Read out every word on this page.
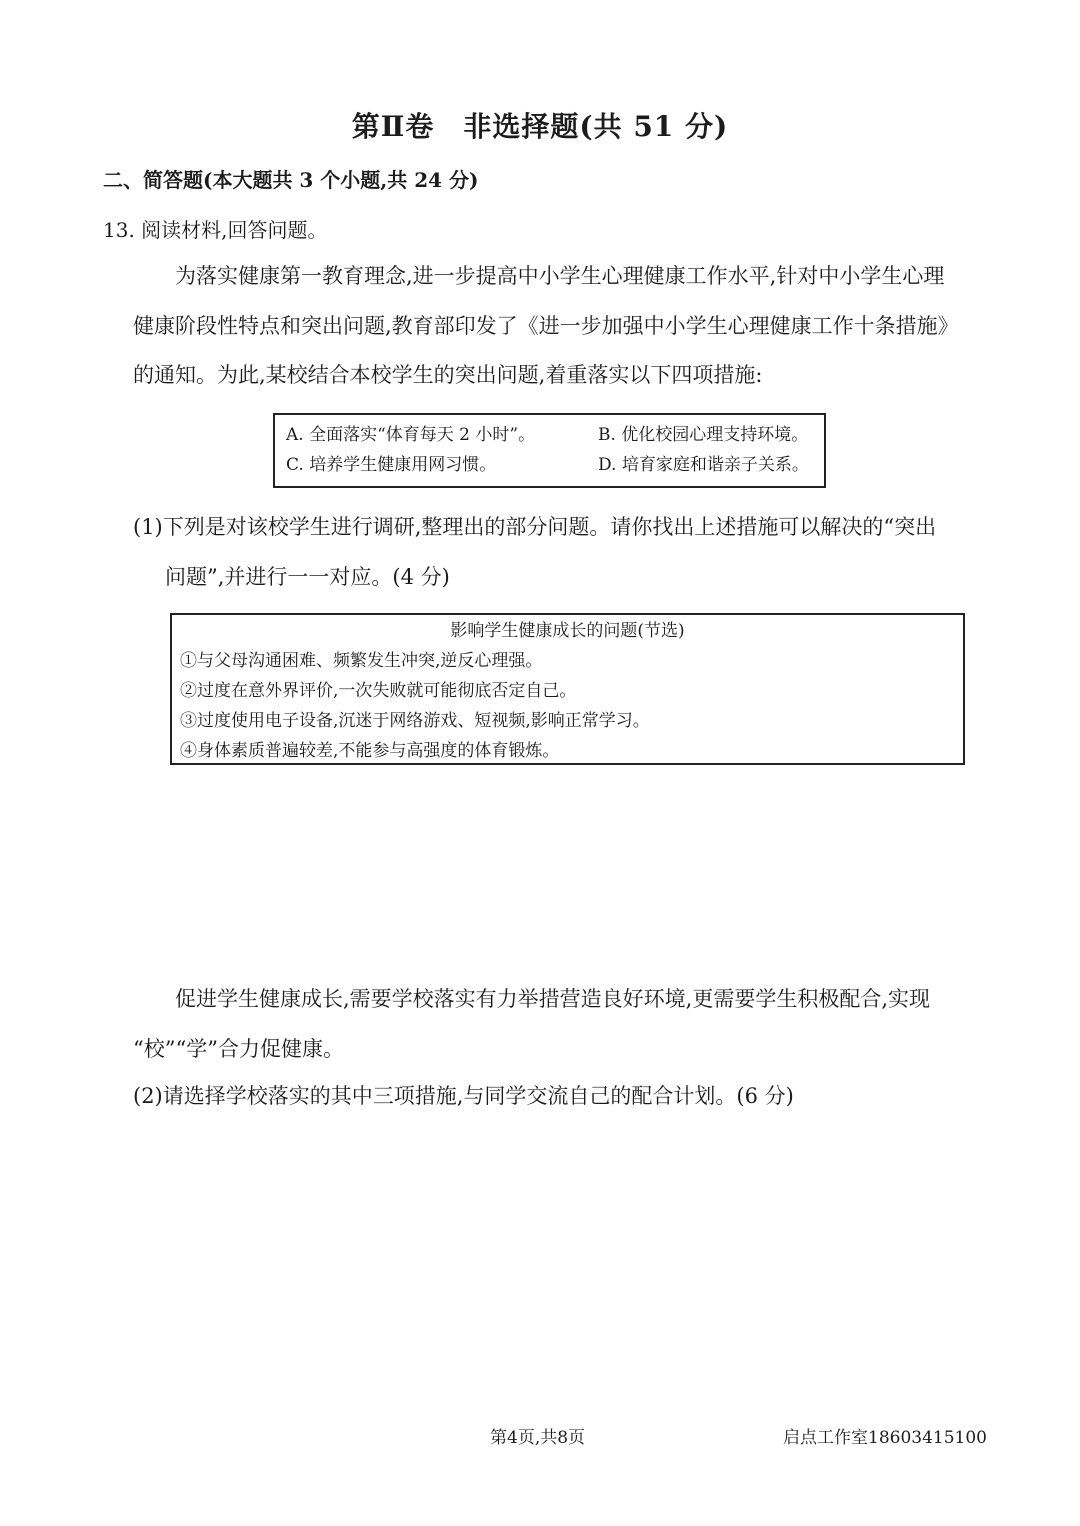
第Ⅱ卷　非选择题(共 51 分)
二、简答题(本大题共 3 个小题,共 24 分)
13. 阅读材料,回答问题。
为落实健康第一教育理念,进一步提高中小学生心理健康工作水平,针对中小学生心理
健康阶段性特点和突出问题,教育部印发了《进一步加强中小学生心理健康工作十条措施》
的通知。为此,某校结合本校学生的突出问题,着重落实以下四项措施:
A. 全面落实“体育每天 2 小时”。	B. 优化校园心理支持环境。
C. 培养学生健康用网习惯。	D. 培育家庭和谐亲子关系。
(1)下列是对该校学生进行调研,整理出的部分问题。请你找出上述措施可以解决的“突出
问题”,并进行一一对应。(4 分)
影响学生健康成长的问题(节选)
①与父母沟通困难、频繁发生冲突,逆反心理强。
②过度在意外界评价,一次失败就可能彻底否定自己。
③过度使用电子设备,沉迷于网络游戏、短视频,影响正常学习。
④身体素质普遍较差,不能参与高强度的体育锻炼。
促进学生健康成长,需要学校落实有力举措营造良好环境,更需要学生积极配合,实现
“校”“学”合力促健康。
(2)请选择学校落实的其中三项措施,与同学交流自己的配合计划。(6 分)
第4页,共8页	启点工作室18603415100
